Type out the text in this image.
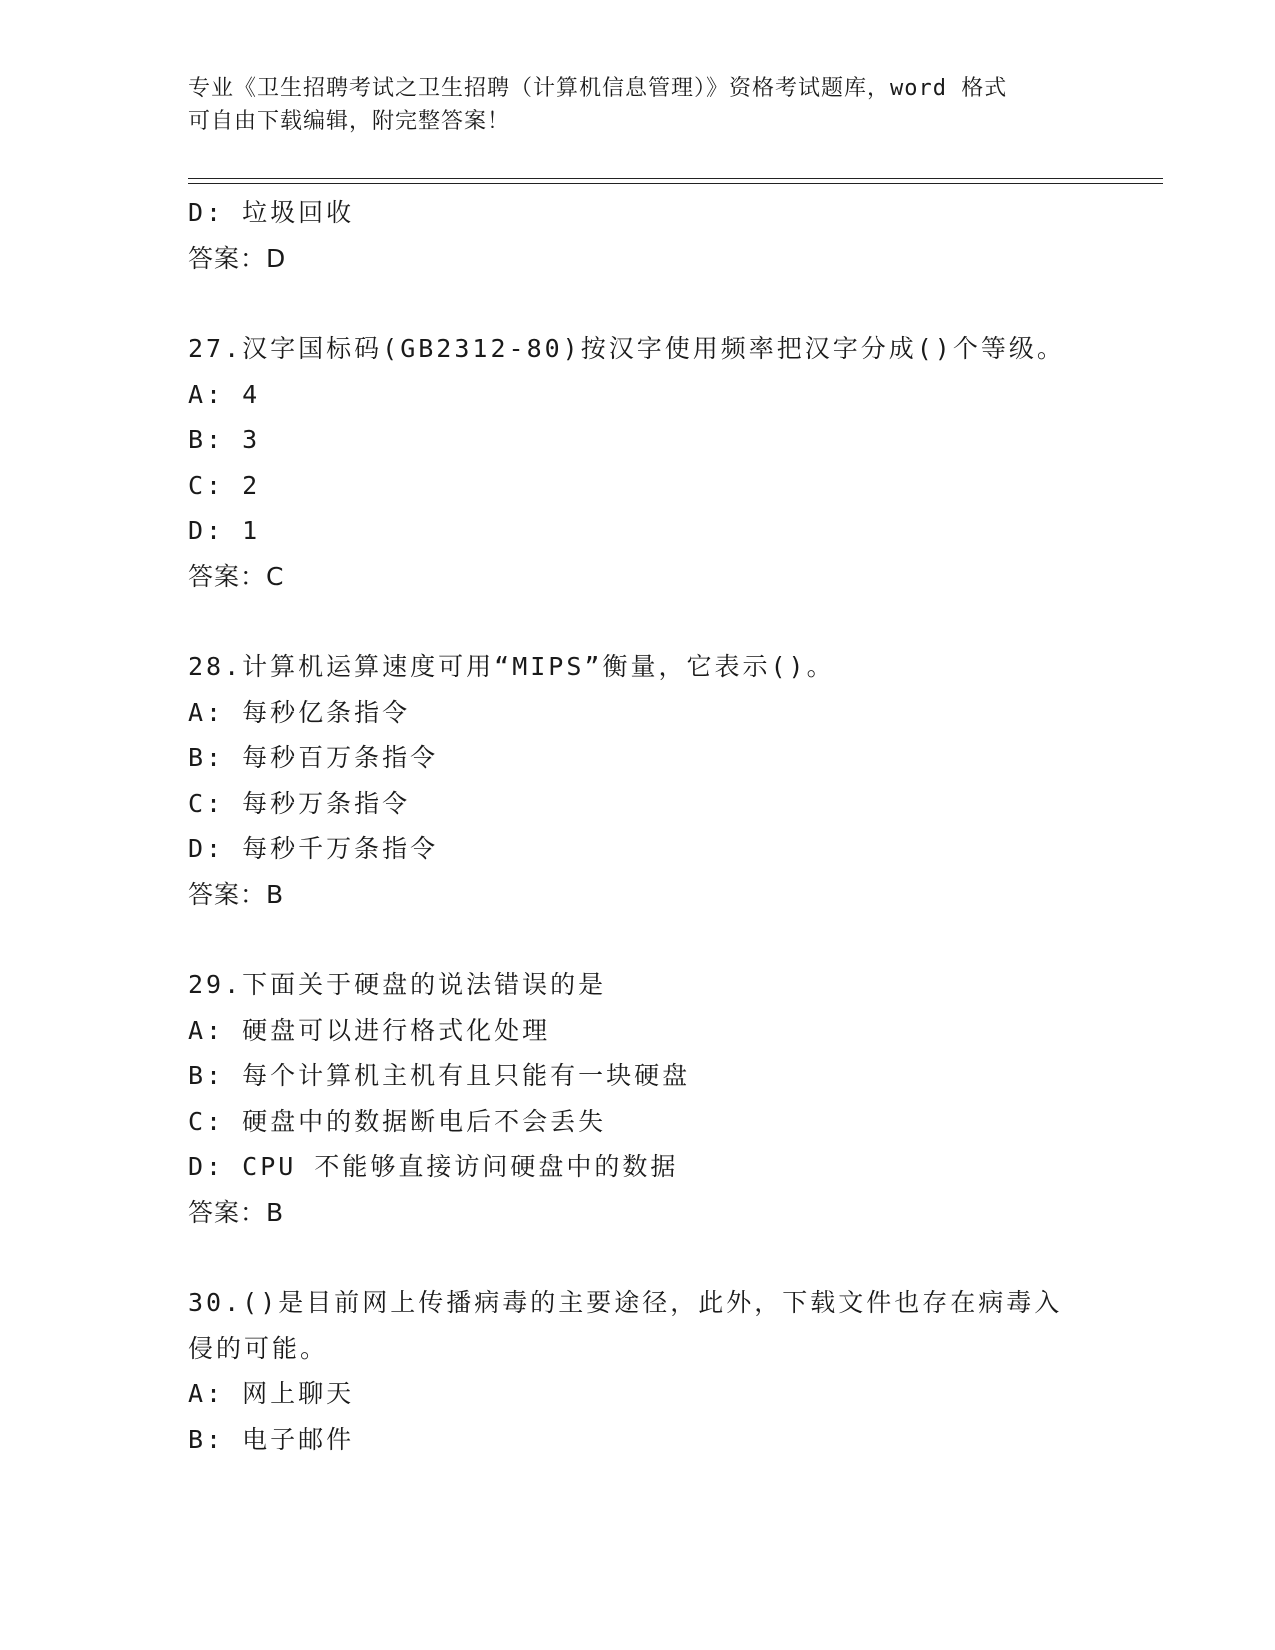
专业《卫生招聘考试之卫生招聘（计算机信息管理）》资格考试题库，word 格式
可自由下载编辑，附完整答案！
D: 垃圾回收
答案：D
27.汉字国标码(GB2312-80)按汉字使用频率把汉字分成()个等级。
A: 4
B: 3
C: 2
D: 1
答案：C
28.计算机运算速度可用“MIPS”衡量，它表示()。
A: 每秒亿条指令
B: 每秒百万条指令
C: 每秒万条指令
D: 每秒千万条指令
答案：B
29.下面关于硬盘的说法错误的是
A: 硬盘可以进行格式化处理
B: 每个计算机主机有且只能有一块硬盘
C: 硬盘中的数据断电后不会丢失
D: CPU 不能够直接访问硬盘中的数据
答案：B
30.()是目前网上传播病毒的主要途径，此外，下载文件也存在病毒入
侵的可能。
A: 网上聊天
B: 电子邮件
